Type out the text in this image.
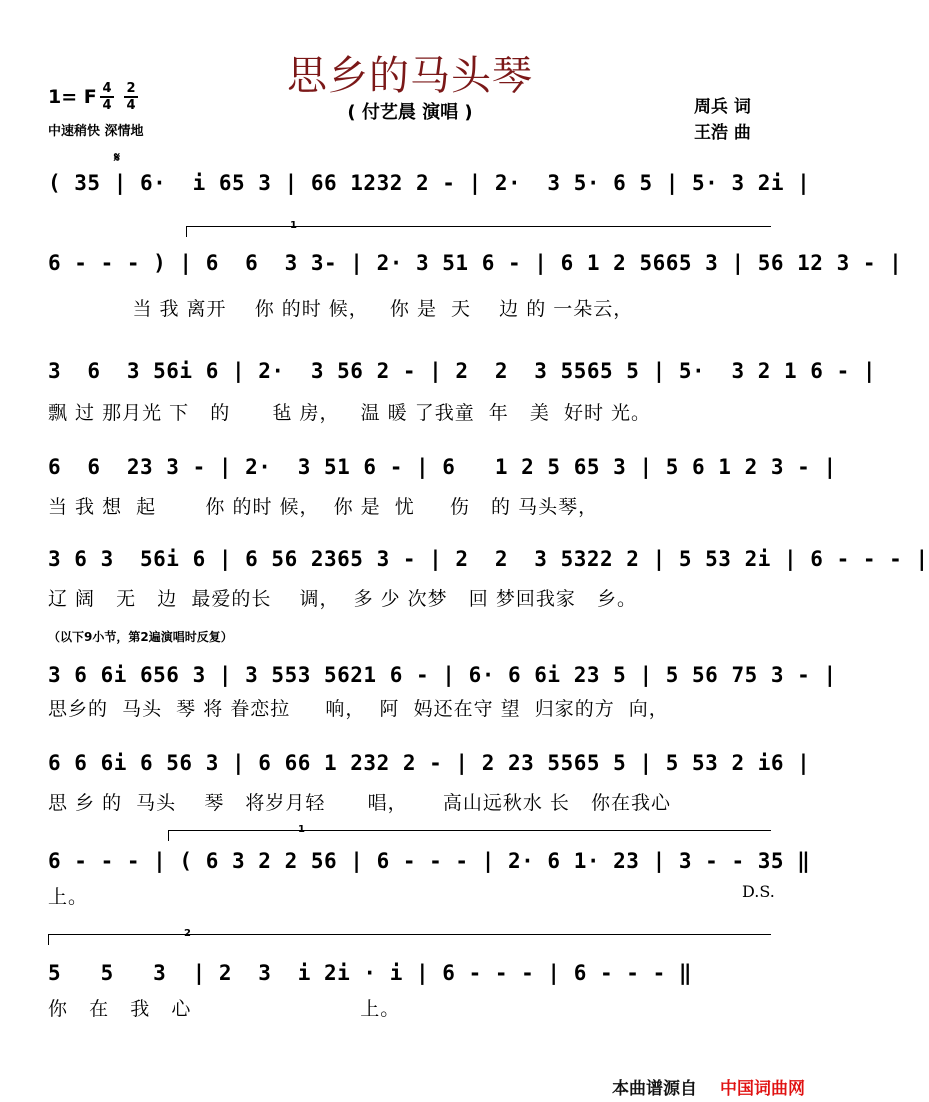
思乡的马头琴
( 付艺晨 演唱 )
1= F 4
4
2
4
中速稍快 深情地
周兵 词
王浩 曲
𝄋
( 35 | 6·  i 65 3 | 66 1232 2 - | 2·  3 5· 6 5 | 5· 3 2i |
1
6 - - - ) | 6  6  3 3- | 2· 3 51 6 - | 6 1 2 5665 3 | 56 12 3 - |
当 我 离开    你 的时 候，   你 是  天    边 的 一朵云，
3  6  3 56i 6 | 2·  3 56 2 - | 2  2  3 5565 5 | 5·  3 2 1 6 - |
飘 过 那月光 下   的      毡 房，   温 暖 了我童  年   美  好时 光。
6  6  23 3 - | 2·  3 51 6 - | 6   1 2 5 65 3 | 5 6 1 2 3 - |
当 我 想  起       你 的时 候，  你 是  忧     伤   的 马头琴，
3 6 3  56i 6 | 6 56 2365 3 - | 2  2  3 5322 2 | 5 53 2i | 6 - - - |
辽 阔   无   边  最爱的长    调，  多 少 次梦   回 梦回我家   乡。
（以下9小节，第2遍演唱时反复）
3 6 6i 656 3 | 3 553 5621 6 - | 6· 6 6i 23 5 | 5 56 75 3 - |
思乡的  马头  琴 将 眷恋拉     响，  阿  妈还在守 望  归家的方  向，
6 6 6i 6 56 3 | 6 66 1 232 2 - | 2 23 5565 5 | 5 53 2 i6 |
思 乡 的  马头    琴   将岁月轻      唱，     高山远秋水 长   你在我心
1
6 - - - | ( 6 3 2 2 56 | 6 - - - | 2· 6 1· 23 | 3 - - 35 ‖
上。	D.S.
2
5   5   3  | 2  3  i 2i · i | 6 - - - | 6 - - - ‖
你   在   我   心                        上。
本曲谱源自 中国词曲网
